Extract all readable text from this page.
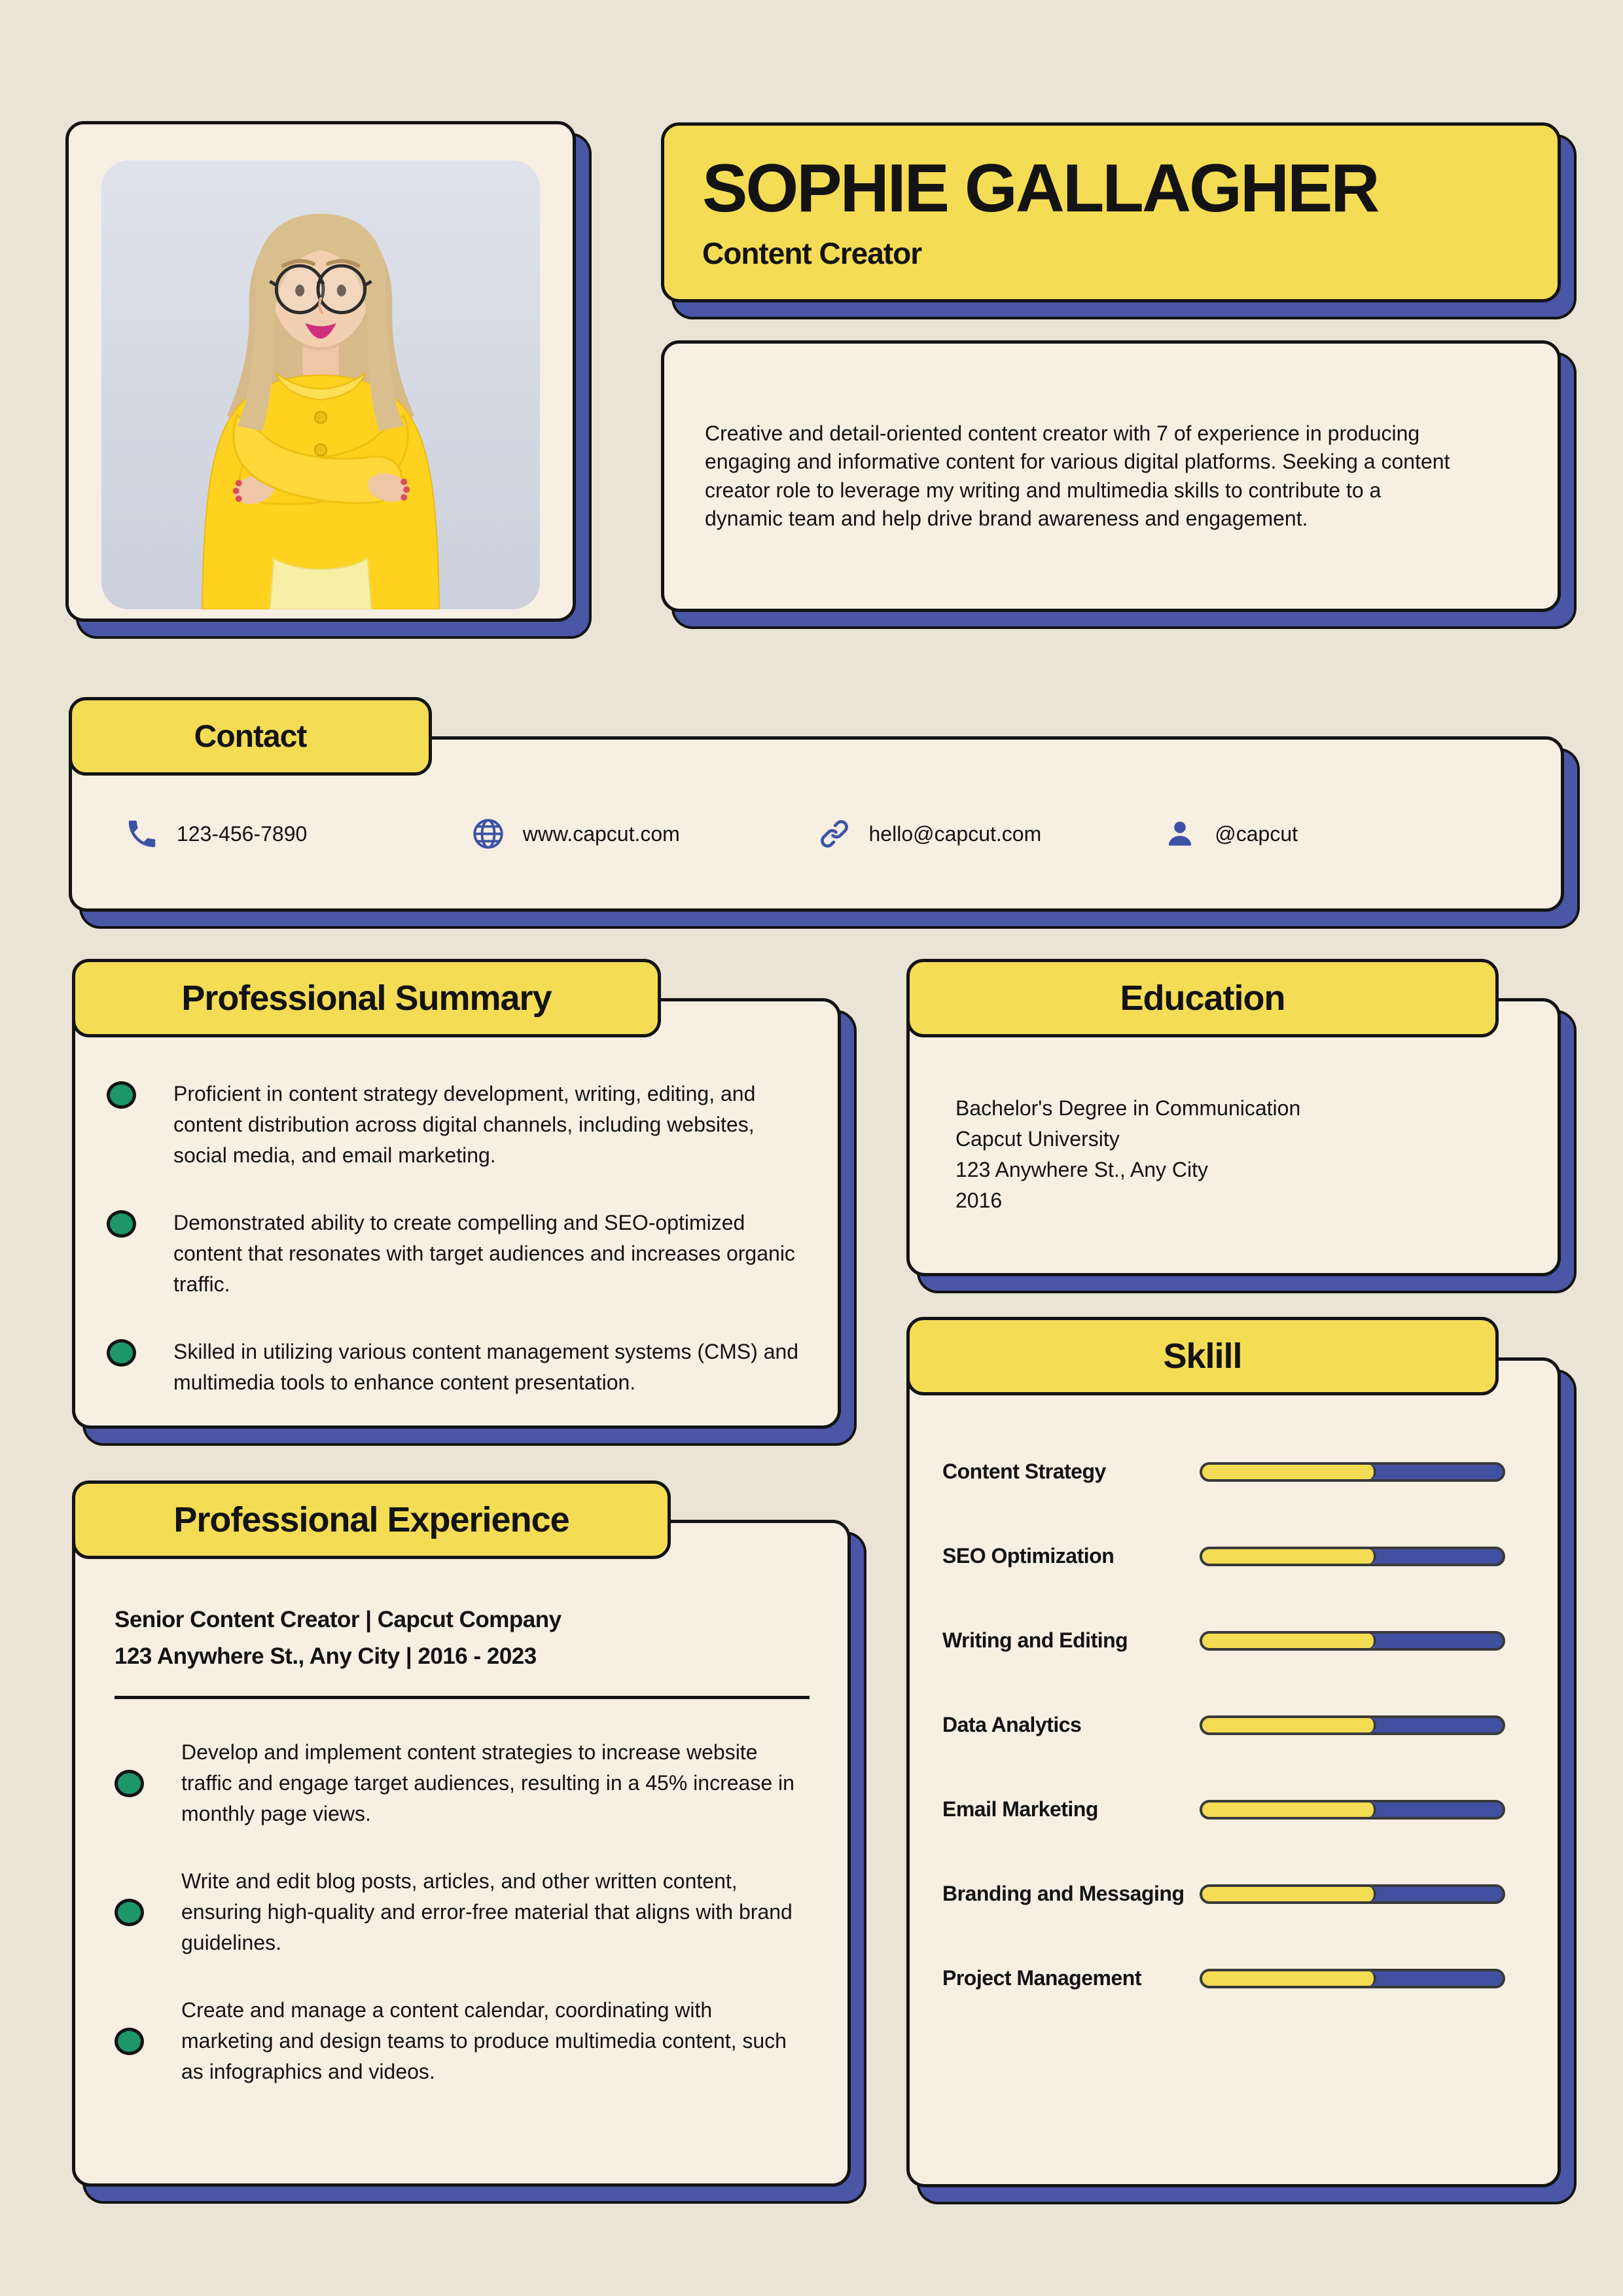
SOPHIE GALLAGHER
Content Creator

Creative and detail-oriented content creator with 7 of experience in producing engaging and informative content for various digital platforms. Seeking a content creator role to leverage my writing and multimedia skills to contribute to a dynamic team and help drive brand awareness and engagement.

Contact
123-456-7890	www.capcut.com	hello@capcut.com	@capcut
Professional Summary

Proficient in content strategy development, writing, editing, and content distribution across digital channels, including websites, social media, and email marketing.

Demonstrated ability to create compelling and SEO-optimized content that resonates with target audiences and increases organic traffic.

Skilled in utilizing various content management systems (CMS) and multimedia tools to enhance content presentation.

Education
Bachelor's Degree in Communication
Capcut University
123 Anywhere St., Any City
2016
Professional Experience
Senior Content Creator | Capcut Company
123 Anywhere St., Any City | 2016 - 2023

Develop and implement content strategies to increase website traffic and engage target audiences, resulting in a 45% increase in monthly page views.

Write and edit blog posts, articles, and other written content, ensuring high-quality and error-free material that aligns with brand guidelines.

Create and manage a content calendar, coordinating with marketing and design teams to produce multimedia content, such as infographics and videos.

Sklill
Content Strategy
SEO Optimization
Writing and Editing
Data Analytics
Email Marketing
Branding and Messaging
Project Management
